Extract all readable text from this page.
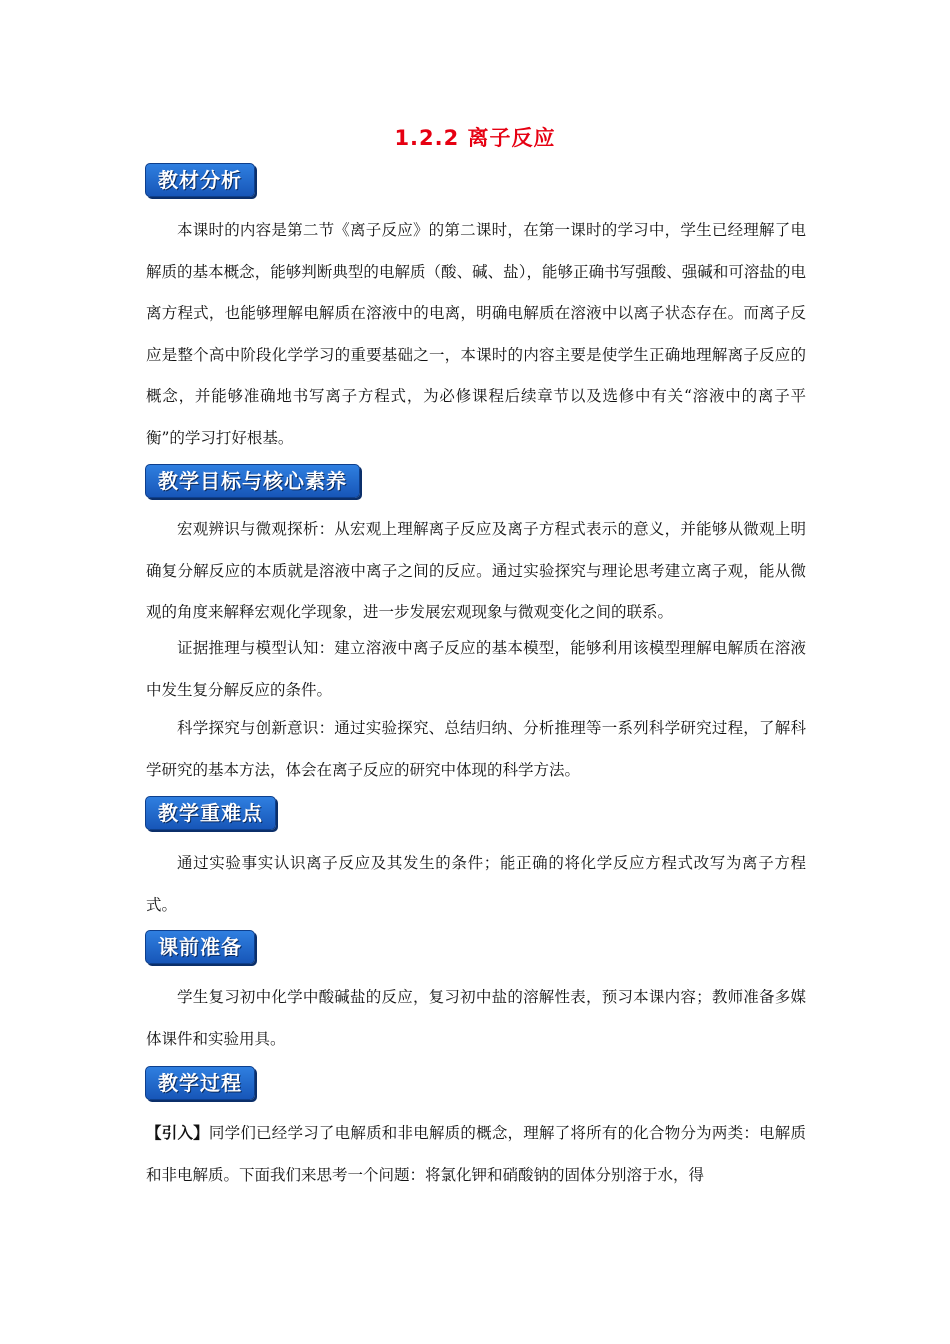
1.2.2 离子反应
教材分析

本课时的内容是第二节《离子反应》的第二课时，在第一课时的学习中，学生已经理解了电解质的基本概念，能够判断典型的电解质（酸、碱、盐），能够正确书写强酸、强碱和可溶盐的电离方程式，也能够理解电解质在溶液中的电离，明确电解质在溶液中以离子状态存在。而离子反应是整个高中阶段化学学习的重要基础之一，本课时的内容主要是使学生正确地理解离子反应的概念，并能够准确地书写离子方程式，为必修课程后续章节以及选修中有关“溶液中的离子平衡”的学习打好根基。

教学目标与核心素养

宏观辨识与微观探析：从宏观上理解离子反应及离子方程式表示的意义，并能够从微观上明确复分解反应的本质就是溶液中离子之间的反应。通过实验探究与理论思考建立离子观，能从微观的角度来解释宏观化学现象，进一步发展宏观现象与微观变化之间的联系。

证据推理与模型认知：建立溶液中离子反应的基本模型，能够利用该模型理解电解质在溶液中发生复分解反应的条件。

科学探究与创新意识：通过实验探究、总结归纳、分析推理等一系列科学研究过程，了解科学研究的基本方法，体会在离子反应的研究中体现的科学方法。

教学重难点

通过实验事实认识离子反应及其发生的条件；能正确的将化学反应方程式改写为离子方程式。

课前准备

学生复习初中化学中酸碱盐的反应，复习初中盐的溶解性表，预习本课内容；教师准备多媒体课件和实验用具。

教学过程

【引入】同学们已经学习了电解质和非电解质的概念，理解了将所有的化合物分为两类：电解质和非电解质。下面我们来思考一个问题：将氯化钾和硝酸钠的固体分别溶于水，得
